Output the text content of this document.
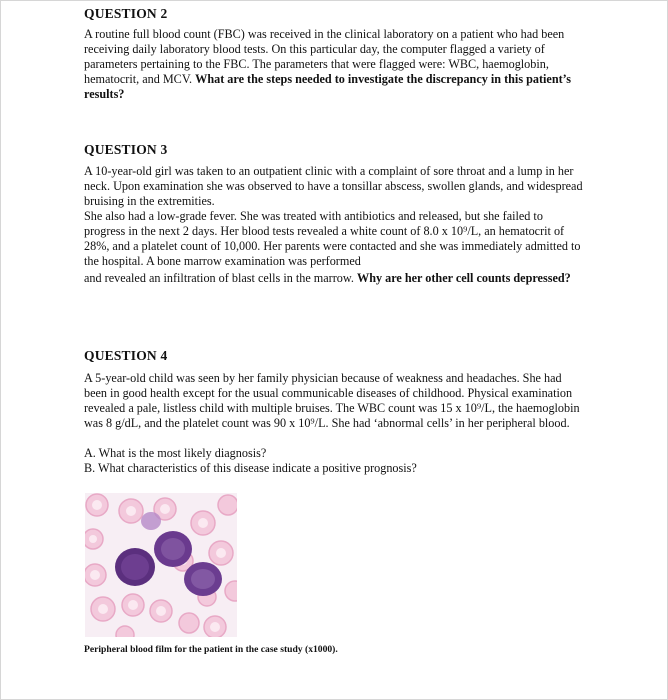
QUESTION 2

A routine full blood count (FBC) was received in the clinical laboratory on a patient who had been receiving daily laboratory blood tests. On this particular day, the computer flagged a variety of parameters pertaining to the FBC. The parameters that were flagged were: WBC, haemoglobin, hematocrit, and MCV. What are the steps needed to investigate the discrepancy in this patient’s results?

QUESTION 3

A 10-year-old girl was taken to an outpatient clinic with a complaint of sore throat and a lump in her neck. Upon examination she was observed to have a tonsillar abscess, swollen glands, and widespread bruising in the extremities.

She also had a low-grade fever. She was treated with antibiotics and released, but she failed to progress in the next 2 days. Her blood tests revealed a white count of 8.0 x 10⁹/L, an hematocrit of 28%, and a platelet count of 10,000. Her parents were contacted and she was immediately admitted to the hospital. A bone marrow examination was performed

and revealed an infiltration of blast cells in the marrow. Why are her other cell counts depressed?

QUESTION 4

A 5-year-old child was seen by her family physician because of weakness and headaches. She had been in good health except for the usual communicable diseases of childhood. Physical examination revealed a pale, listless child with multiple bruises. The WBC count was 15 x 10⁹/L, the haemoglobin was 8 g/dL, and the platelet count was 90 x 10⁹/L. She had ‘abnormal cells’ in her peripheral blood.

A. What is the most likely diagnosis?

B. What characteristics of this disease indicate a positive prognosis?

Peripheral blood film for the patient in the case study (x1000).
